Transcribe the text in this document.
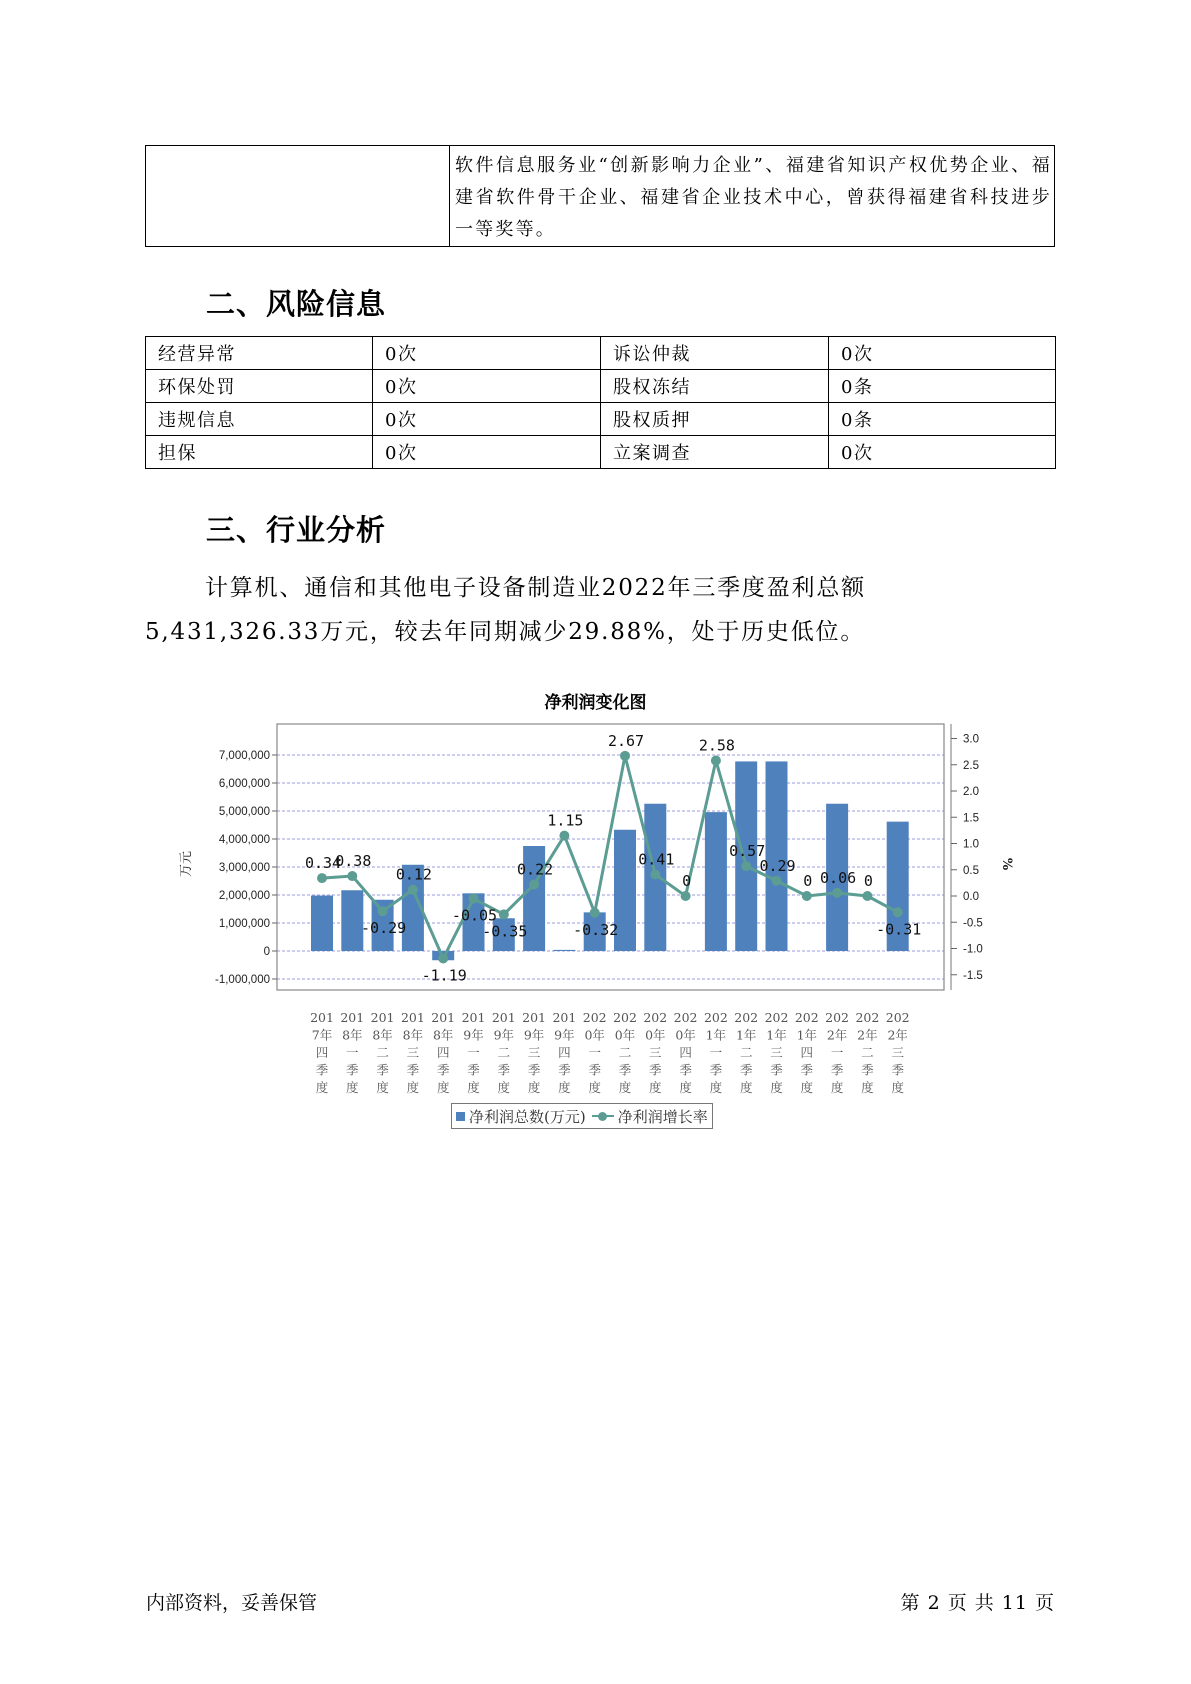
	软件信息服务业“创新影响力企业”、福建省知识产权优势企业、福建省软件骨干企业、福建省企业技术中心，曾获得福建省科技进步一等奖等。
二、风险信息
经营异常	0次	诉讼仲裁	0次
环保处罚	0次	股权冻结	0条
违规信息	0次	股权质押	0条
担保	0次	立案调查	0次
三、行业分析

计算机、通信和其他电子设备制造业2022年三季度盈利总额

5,431,326.33万元，较去年同期减少29.88%，处于历史低位。

净利润变化图
7,000,000
6,000,000
5,000,000
4,000,000
3,000,000
2,000,000
1,000,000
0
-1,000,000
3.0
2.5
2.0
1.5
1.0
0.5
0.0
-0.5
-1.0
-1.5
万元	%
0.34
0.38
-0.29
0.12
-1.19
-0.05
-0.35
0.22
1.15
-0.32
2.67
0.41
0
2.58
0.57
0.29
0 0.06 0
-0.31
201 7年四季度
201 8年一季度
201 8年二季度
201 8年三季度
201 8年四季度
201 9年一季度
201 9年二季度
201 9年三季度
201 9年四季度
202 0年一季度
202 0年二季度
202 0年三季度
202 0年四季度
202 1年一季度
202 1年二季度
202 1年三季度
202 1年四季度
202 2年一季度
202 2年二季度
202 2年三季度
净利润总数(万元) 净利润增长率
内部资料，妥善保管	第 2 页 共 11 页
